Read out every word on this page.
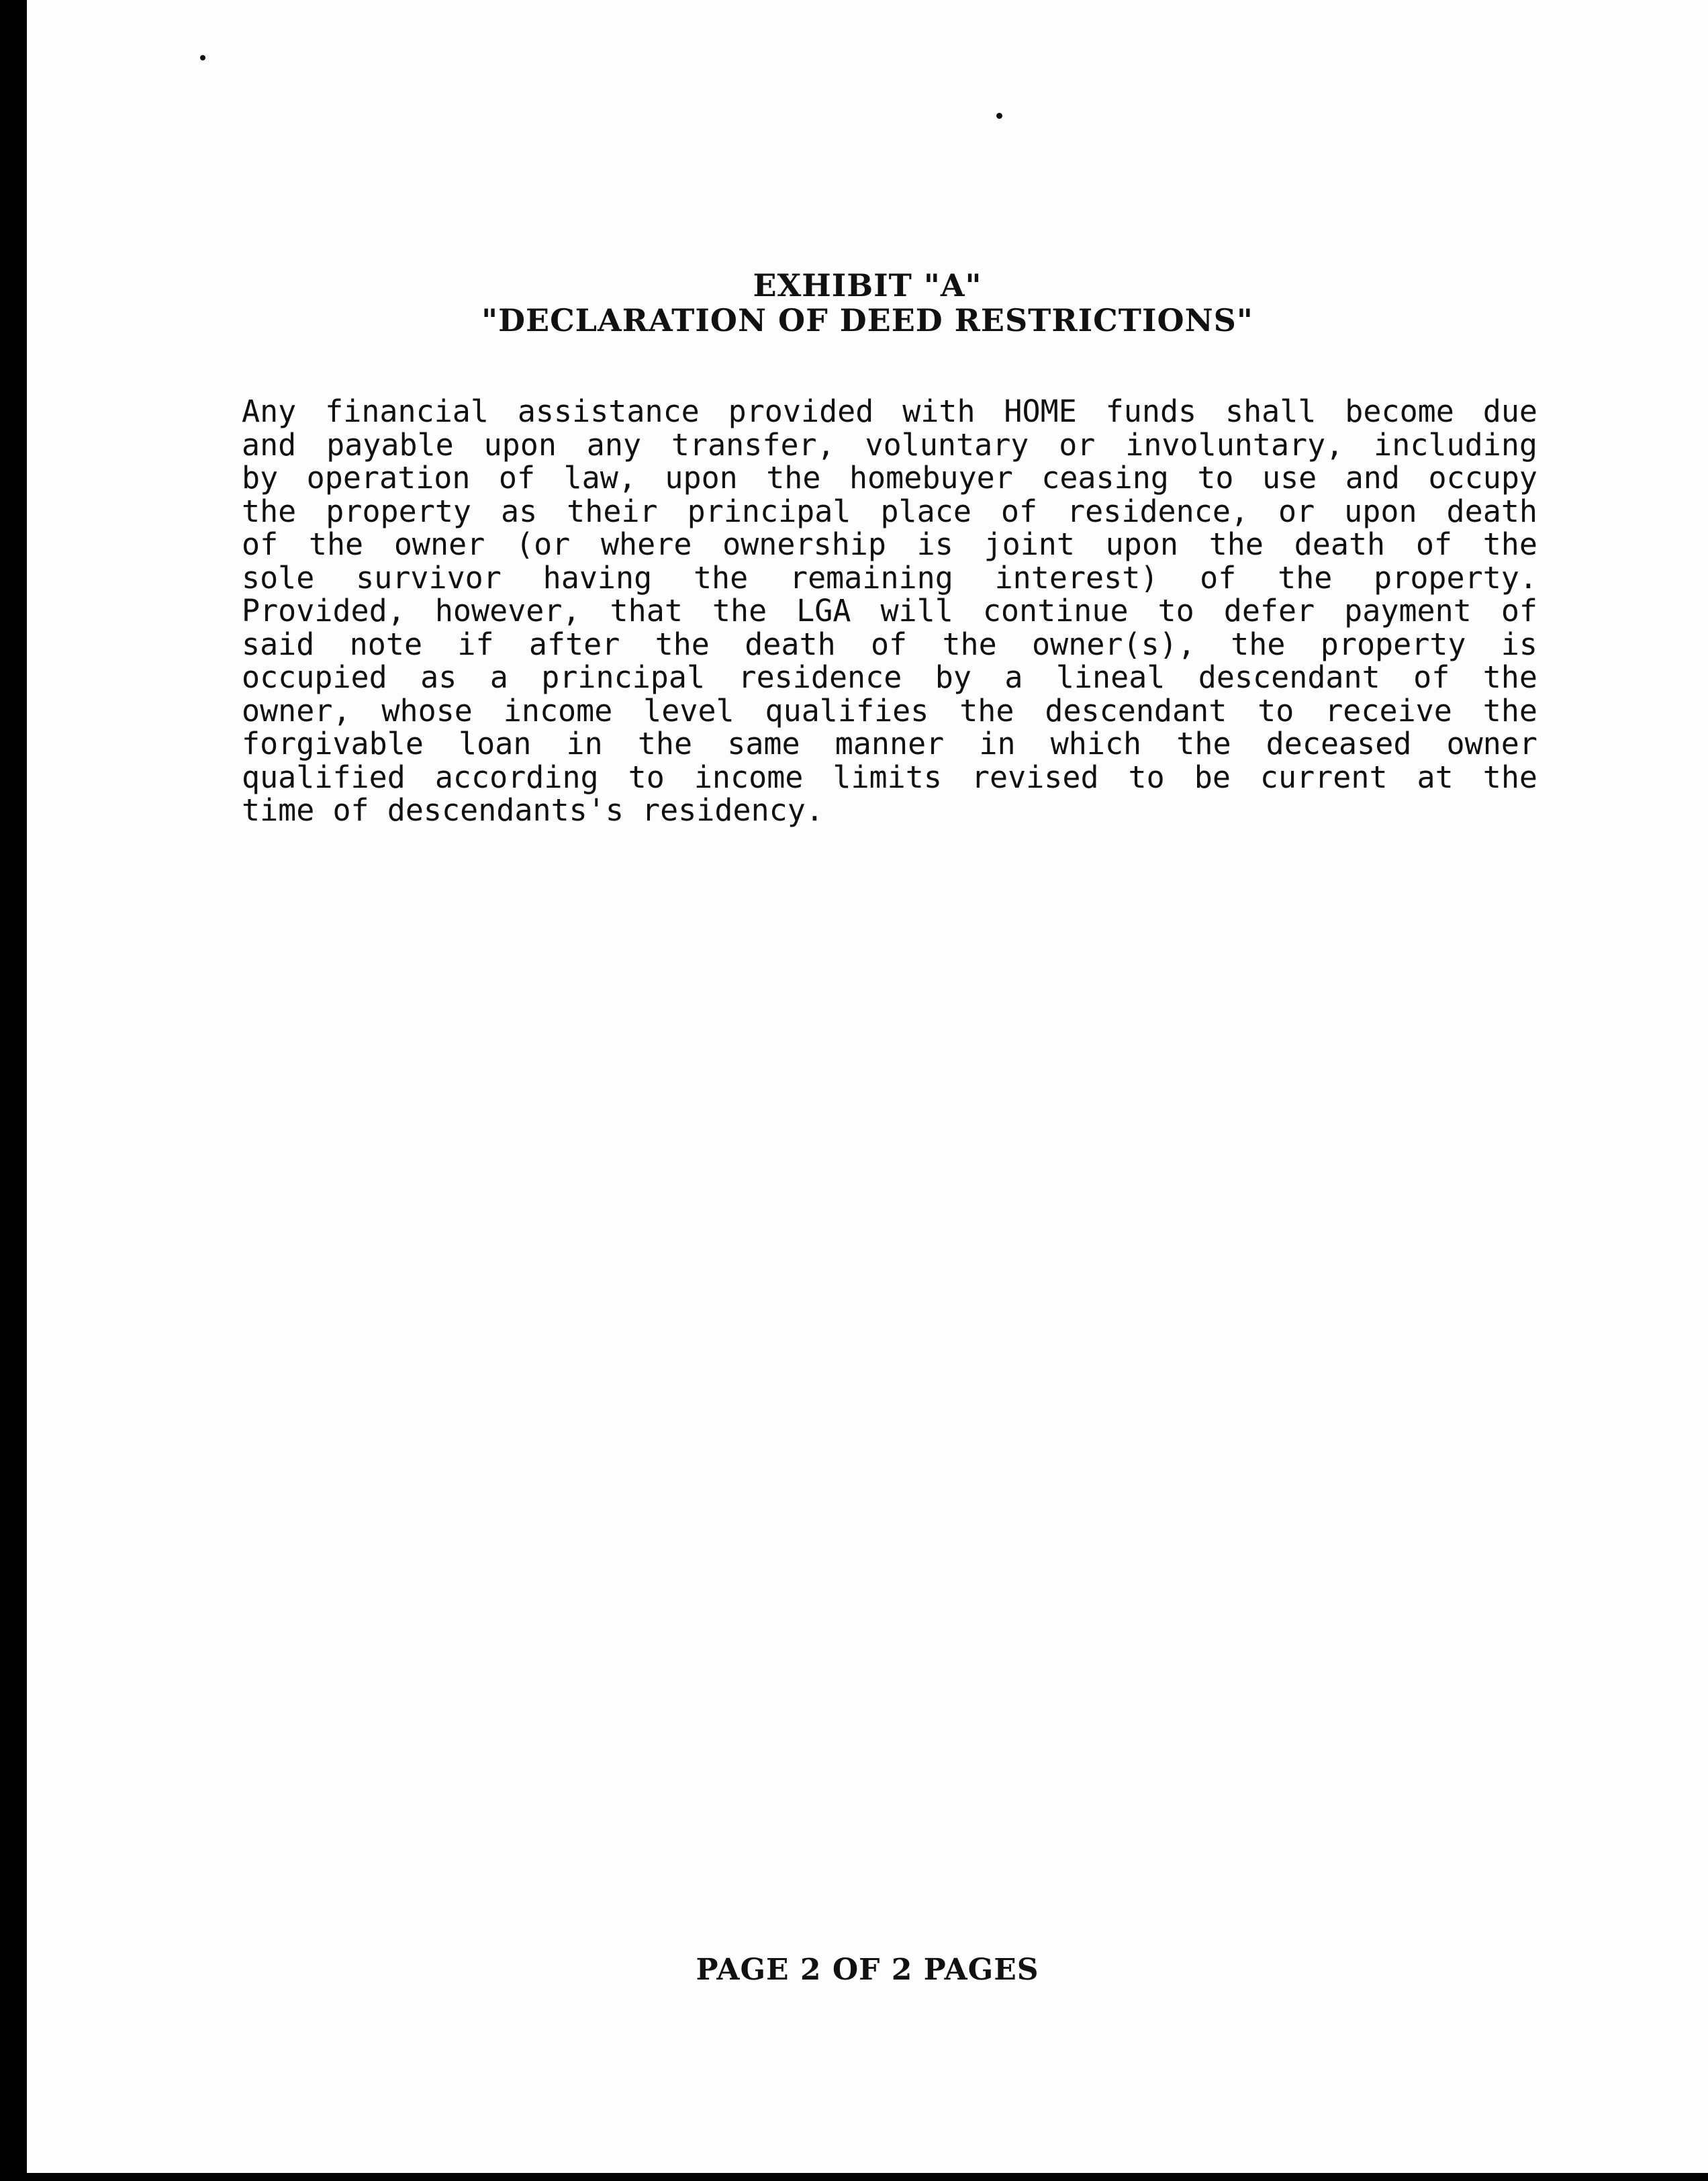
EXHIBIT "A"
"DECLARATION OF DEED RESTRICTIONS"
Any financial assistance provided with HOME funds shall become due
and payable upon any transfer, voluntary or involuntary, including
by operation of law, upon the homebuyer ceasing to use and occupy
the property as their principal place of residence, or upon death
of the owner (or where ownership is joint upon the death of the
sole survivor having the remaining interest) of the property.
Provided, however, that the LGA will continue to defer payment of
said note if after the death of the owner(s), the property is
occupied as a principal residence by a lineal descendant of the
owner, whose income level qualifies the descendant to receive the
forgivable loan in the same manner in which the deceased owner
qualified according to income limits revised to be current at the
time of descendants's residency.
PAGE 2 OF 2 PAGES
